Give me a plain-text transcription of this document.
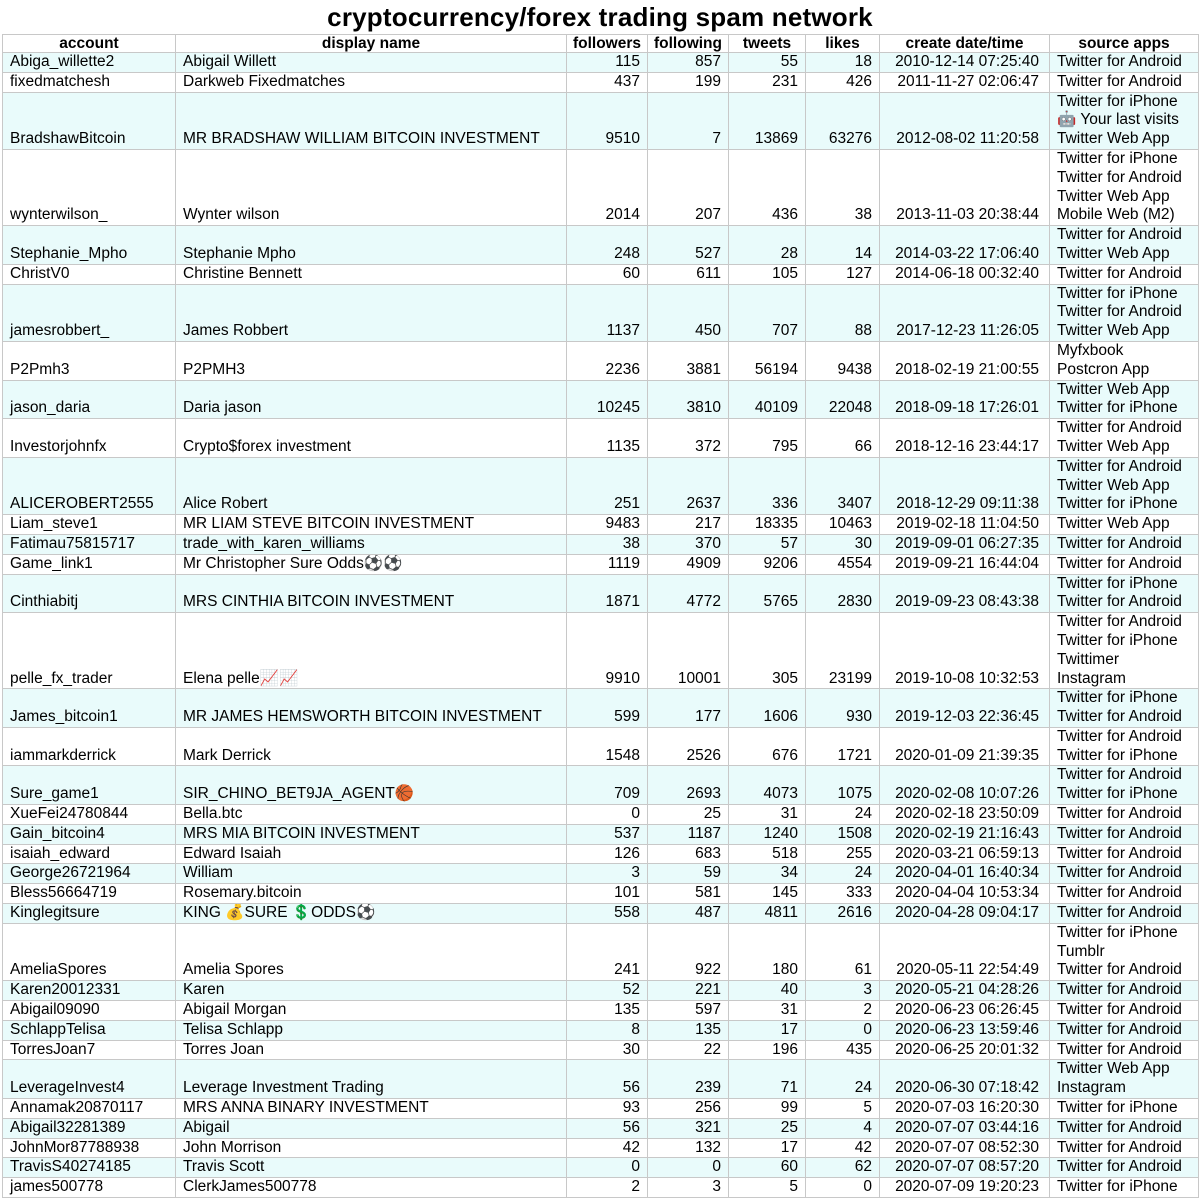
cryptocurrency/forex trading spam network
account	display name	followers	following	tweets	likes	create date/time	source apps
Abiga_willette2	Abigail Willett	115	857	55	18	2010-12-14 07:25:40	Twitter for Android

fixedmatchesh	Darkweb Fixedmatches	437	199	231	426	2011-11-27 02:06:47	Twitter for Android

BradshawBitcoin	MR BRADSHAW WILLIAM BITCOIN INVESTMENT	9510	7	13869	63276	2012-08-02 11:20:58	Twitter for iPhone
🤖 Your last visits
Twitter Web App

wynterwilson_	Wynter wilson	2014	207	436	38	2013-11-03 20:38:44	Twitter for iPhone
Twitter for Android
Twitter Web App
Mobile Web (M2)

Stephanie_Mpho	Stephanie Mpho	248	527	28	14	2014-03-22 17:06:40	Twitter for Android
Twitter Web App

ChristV0	Christine Bennett	60	611	105	127	2014-06-18 00:32:40	Twitter for Android

jamesrobbert_	James Robbert	1137	450	707	88	2017-12-23 11:26:05	Twitter for iPhone
Twitter for Android
Twitter Web App

P2Pmh3	P2PMH3	2236	3881	56194	9438	2018-02-19 21:00:55	Myfxbook
Postcron App

jason_daria	Daria jason	10245	3810	40109	22048	2018-09-18 17:26:01	Twitter Web App
Twitter for iPhone

Investorjohnfx	Crypto$forex investment	1135	372	795	66	2018-12-16 23:44:17	Twitter for Android
Twitter Web App

ALICEROBERT2555	Alice Robert	251	2637	336	3407	2018-12-29 09:11:38	Twitter for Android
Twitter Web App
Twitter for iPhone

Liam_steve1	MR LIAM STEVE BITCOIN INVESTMENT	9483	217	18335	10463	2019-02-18 11:04:50	Twitter Web App

Fatimau75815717	trade_with_karen_williams	38	370	57	30	2019-09-01 06:27:35	Twitter for Android

Game_link1	Mr Christopher Sure Odds⚽⚽	1119	4909	9206	4554	2019-09-21 16:44:04	Twitter for Android

Cinthiabitj	MRS CINTHIA BITCOIN INVESTMENT	1871	4772	5765	2830	2019-09-23 08:43:38	Twitter for iPhone
Twitter for Android

pelle_fx_trader	Elena pelle📈📈	9910	10001	305	23199	2019-10-08 10:32:53	Twitter for Android
Twitter for iPhone
Twittimer
Instagram

James_bitcoin1	MR JAMES HEMSWORTH BITCOIN INVESTMENT	599	177	1606	930	2019-12-03 22:36:45	Twitter for iPhone
Twitter for Android

iammarkderrick	Mark Derrick	1548	2526	676	1721	2020-01-09 21:39:35	Twitter for Android
Twitter for iPhone

Sure_game1	SIR_CHINO_BET9JA_AGENT🏀	709	2693	4073	1075	2020-02-08 10:07:26	Twitter for Android
Twitter for iPhone

XueFei24780844	Bella.btc	0	25	31	24	2020-02-18 23:50:09	Twitter for Android

Gain_bitcoin4	MRS MIA BITCOIN INVESTMENT	537	1187	1240	1508	2020-02-19 21:16:43	Twitter for Android

isaiah_edward	Edward Isaiah	126	683	518	255	2020-03-21 06:59:13	Twitter for Android

George26721964	William	3	59	34	24	2020-04-01 16:40:34	Twitter for Android

Bless56664719	Rosemary.bitcoin	101	581	145	333	2020-04-04 10:53:34	Twitter for Android

Kinglegitsure	KING 💰SURE 💲ODDS⚽	558	487	4811	2616	2020-04-28 09:04:17	Twitter for Android

AmeliaSpores	Amelia Spores	241	922	180	61	2020-05-11 22:54:49	Twitter for iPhone
Tumblr
Twitter for Android

Karen20012331	Karen	52	221	40	3	2020-05-21 04:28:26	Twitter for Android

Abigail09090	Abigail Morgan	135	597	31	2	2020-06-23 06:26:45	Twitter for Android

SchlappTelisa	Telisa Schlapp	8	135	17	0	2020-06-23 13:59:46	Twitter for Android

TorresJoan7	Torres Joan	30	22	196	435	2020-06-25 20:01:32	Twitter for Android

LeverageInvest4	Leverage Investment Trading	56	239	71	24	2020-06-30 07:18:42	Twitter Web App
Instagram

Annamak20870117	MRS ANNA BINARY INVESTMENT	93	256	99	5	2020-07-03 16:20:30	Twitter for iPhone

Abigail32281389	Abigail	56	321	25	4	2020-07-07 03:44:16	Twitter for Android

JohnMor87788938	John Morrison	42	132	17	42	2020-07-07 08:52:30	Twitter for Android

TravisS40274185	Travis Scott	0	0	60	62	2020-07-07 08:57:20	Twitter for Android

james500778	ClerkJames500778	2	3	5	0	2020-07-09 19:20:23	Twitter for iPhone
